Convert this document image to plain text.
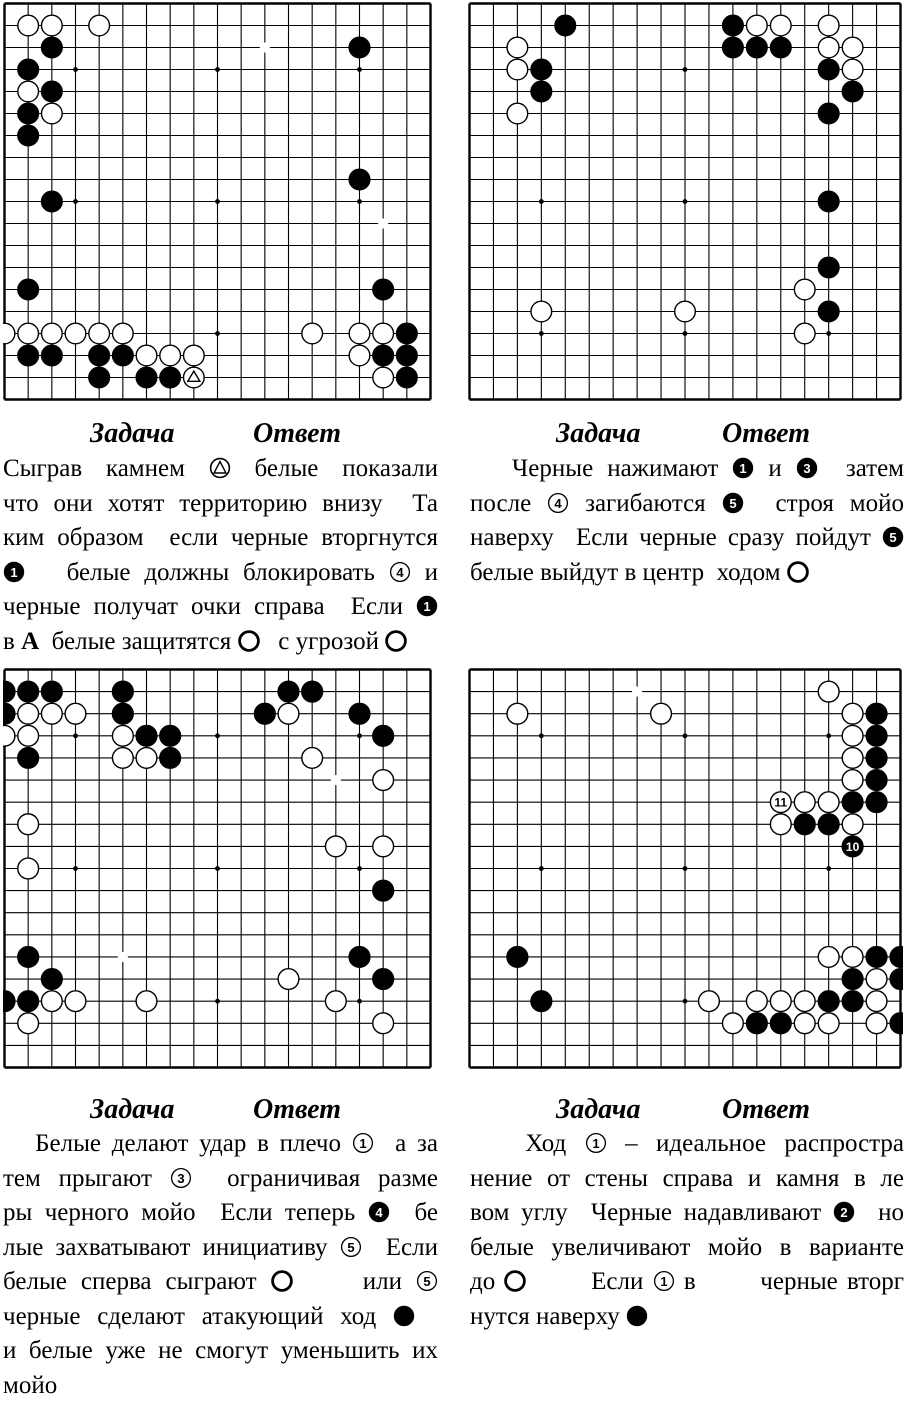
Задача	Ответ
Сыграв камнем  белые показали
что они хотят территорию внизу  Та
ким образом  если черные вторгнутся
1 белые должны блокировать 4 и
черные получат очки справа  Если 1
в A  белые защитятся    с угрозой
Задача	Ответ
Черные нажимают 1 и 3 затем
после 4 загибаются 5 строя мойо
наверху  Если черные сразу пойдут 5
белые выйдут в центр  ходом
Задача	Ответ
Белые делают удар в плечо 1 а за
тем прыгают 3 ограничивая разме
ры черного мойо  Если теперь 4 бе
лые захватывают инициативу 5 Если
белые сперва сыграют      или 5
черные сделают атакующий ход
и белые уже не смогут уменьшить их
мойо
11
10
Задача	Ответ
Ход 1 – идеальное распростра
нение от стены справа и камня в ле
вом углу  Черные надавливают 2 но
белые увеличивают мойо в варианте
до        Если 1 в       черные вторг
нутся наверху
